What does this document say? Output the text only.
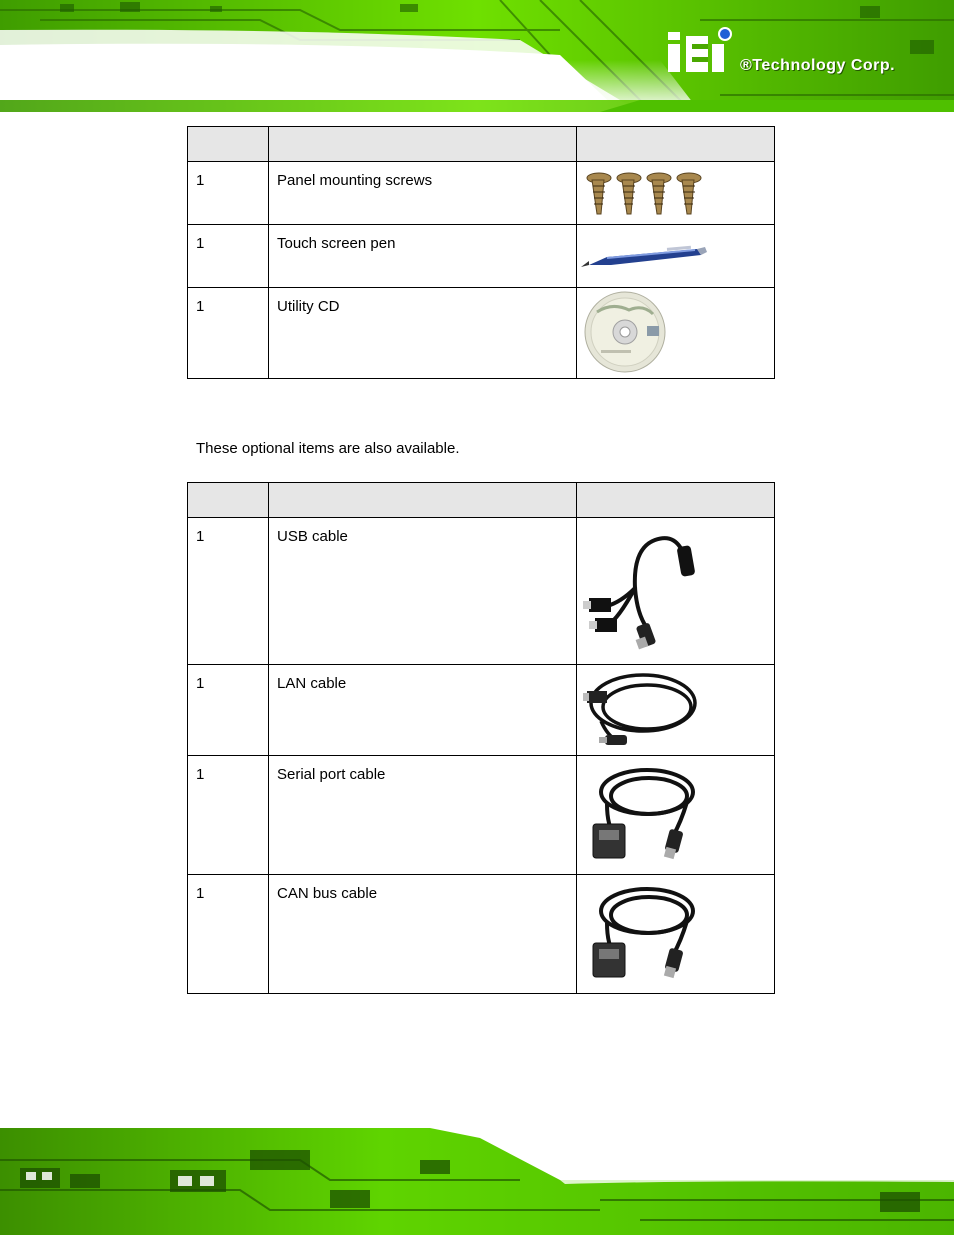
®Technology Corp.

1	Panel mounting screws	

1	Touch screen pen	

1	Utility CD	

These optional items are also available.

1	USB cable	

1	LAN cable	

1	Serial port cable	

1	CAN bus cable	
